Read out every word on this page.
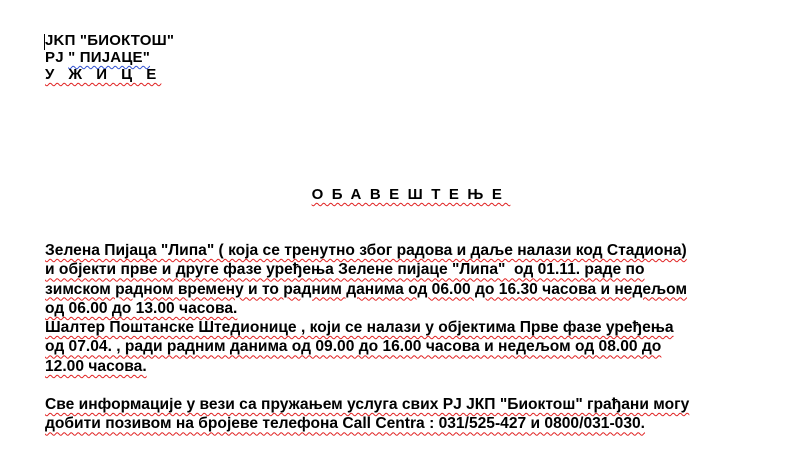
JKП "БИОКТОШ"
PJ " ПИЈАЦЕ"
У Ж И Ц Е
ОБАВЕШТЕЊЕ
Зелена Пијаца "Липа" ( која се тренутно због радова и даље налази код Стадиона)
и објекти прве и друге фазе уређења Зелене пијаце "Липа"  од 01.11. раде по
зимском радном времену и то радним данима од 06.00 до 16.30 часова и недељом
од 06.00 до 13.00 часова.
Шалтер Поштанске Штедионице , који се налази у објектима Прве фазе уређења
од 07.04. , ради радним данима од 09.00 до 16.00 часова и недељом од 08.00 до
12.00 часова.
Све информације у вези са пружањем услуга свих РЈ ЈКП "Биоктош" грађани могу
добити позивом на бројеве телефона Call Centra : 031/525-427 и 0800/031-030.
